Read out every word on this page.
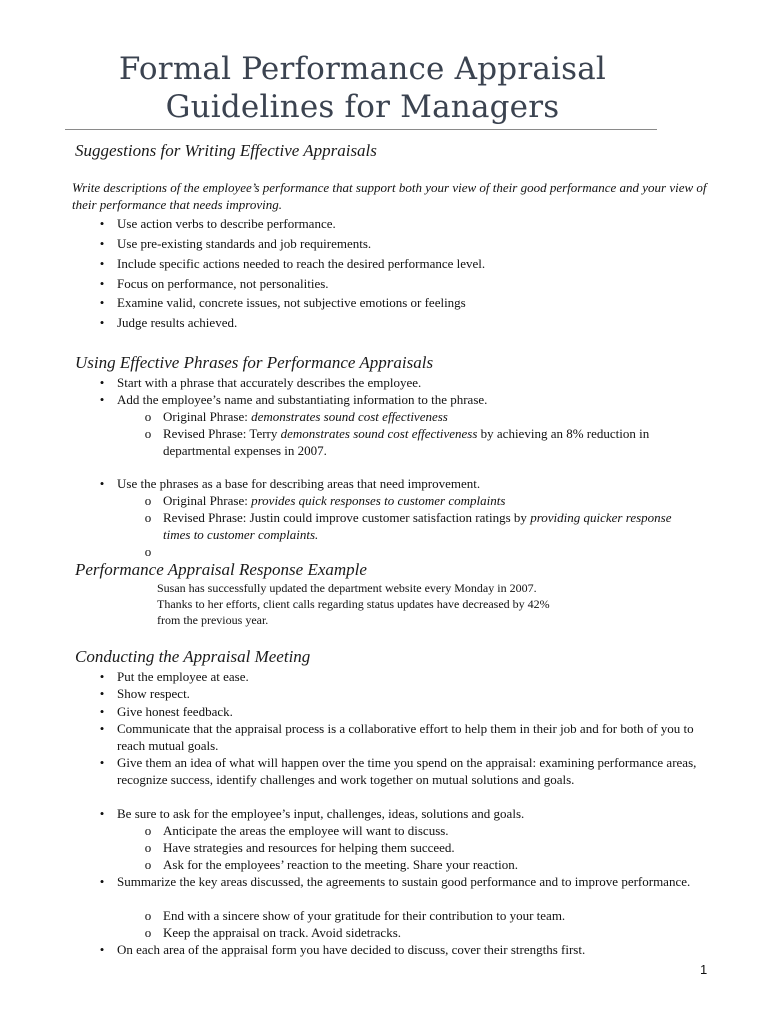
Formal Performance Appraisal
Guidelines for Managers
Suggestions for Writing Effective Appraisals
Write descriptions of the employee’s performance that support both your view of their good performance and your view of their performance that needs improving.
• Use action verbs to describe performance.
• Use pre-existing standards and job requirements.
• Include specific actions needed to reach the desired performance level.
• Focus on performance, not personalities.
• Examine valid, concrete issues, not subjective emotions or feelings
• Judge results achieved.
Using Effective Phrases for Performance Appraisals
• Start with a phrase that accurately describes the employee.
• Add the employee’s name and substantiating information to the phrase.
o Original Phrase: demonstrates sound cost effectiveness
o Revised Phrase: Terry demonstrates sound cost effectiveness by achieving an 8% reduction in departmental expenses in 2007.
• Use the phrases as a base for describing areas that need improvement.
o Original Phrase: provides quick responses to customer complaints
o Revised Phrase: Justin could improve customer satisfaction ratings by providing quicker response times to customer complaints.
o
Performance Appraisal Response Example
Susan has successfully updated the department website every Monday in 2007.
Thanks to her efforts, client calls regarding status updates have decreased by 42%
from the previous year.
Conducting the Appraisal Meeting
• Put the employee at ease.
• Show respect.
• Give honest feedback.
• Communicate that the appraisal process is a collaborative effort to help them in their job and for both of you to reach mutual goals.
• Give them an idea of what will happen over the time you spend on the appraisal: examining performance areas, recognize success, identify challenges and work together on mutual solutions and goals.
• Be sure to ask for the employee’s input, challenges, ideas, solutions and goals.
o Anticipate the areas the employee will want to discuss.
o Have strategies and resources for helping them succeed.
o Ask for the employees’ reaction to the meeting. Share your reaction.
• Summarize the key areas discussed, the agreements to sustain good performance and to improve performance.
o End with a sincere show of your gratitude for their contribution to your team.
o Keep the appraisal on track. Avoid sidetracks.
• On each area of the appraisal form you have decided to discuss, cover their strengths first.
1
